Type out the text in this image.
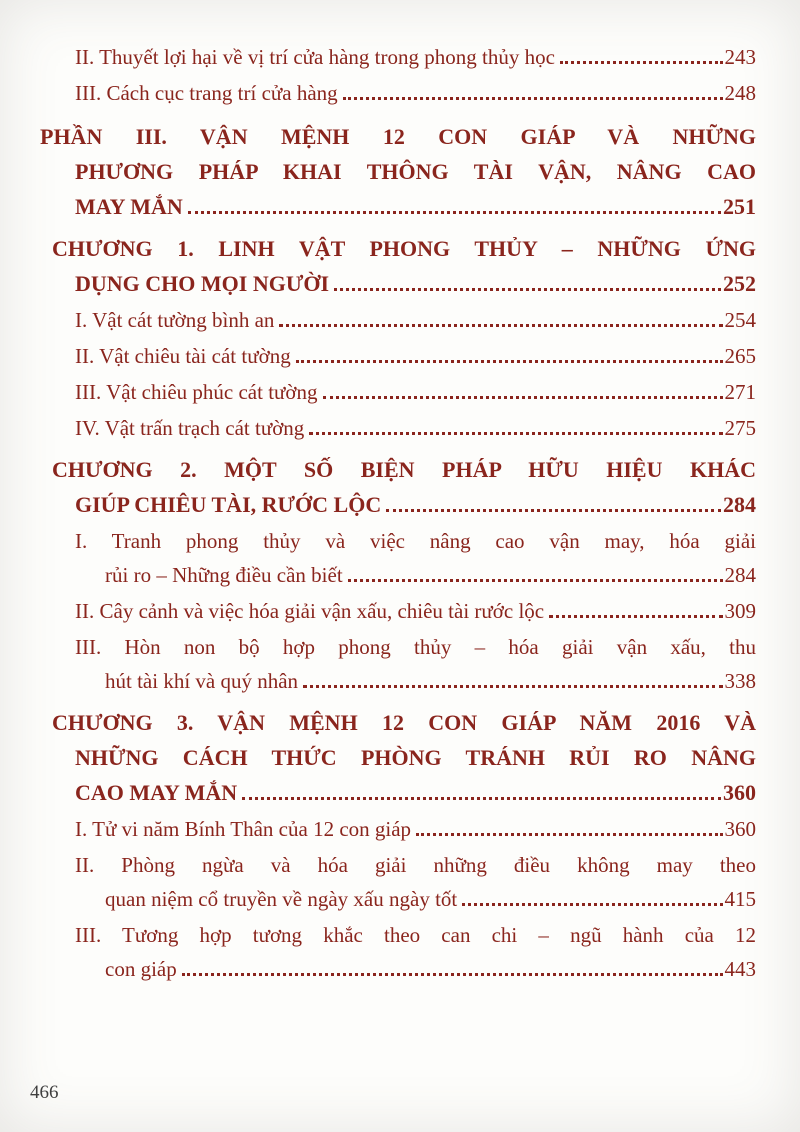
II. Thuyết lợi hại về vị trí cửa hàng trong phong thủy học	243
III. Cách cục trang trí cửa hàng	248
PHẦN III. VẬN MỆNH 12 CON GIÁP VÀ NHỮNG
PHƯƠNG PHÁP KHAI THÔNG TÀI VẬN, NÂNG CAO
MAY MẮN	251
CHƯƠNG 1. LINH VẬT PHONG THỦY – NHỮNG ỨNG
DỤNG CHO MỌI NGƯỜI	252
I. Vật cát tường bình an	254
II. Vật chiêu tài cát tường	265
III. Vật chiêu phúc cát tường	271
IV. Vật trấn trạch cát tường	275
CHƯƠNG 2. MỘT SỐ BIỆN PHÁP HỮU HIỆU KHÁC
GIÚP CHIÊU TÀI, RƯỚC LỘC	284
I. Tranh phong thủy và việc nâng cao vận may, hóa giải
rủi ro – Những điều cần biết	284
II. Cây cảnh và việc hóa giải vận xấu, chiêu tài rước lộc	309
III. Hòn non bộ hợp phong thủy – hóa giải vận xấu, thu
hút tài khí và quý nhân	338
CHƯƠNG 3. VẬN MỆNH 12 CON GIÁP NĂM 2016 VÀ
NHỮNG CÁCH THỨC PHÒNG TRÁNH RỦI RO NÂNG
CAO MAY MẮN	360
I. Tử vi năm Bính Thân của 12 con giáp	360
II. Phòng ngừa và hóa giải những điều không may theo
quan niệm cổ truyền về ngày xấu ngày tốt	415
III. Tương hợp tương khắc theo can chi – ngũ hành của 12
con giáp	443
466
